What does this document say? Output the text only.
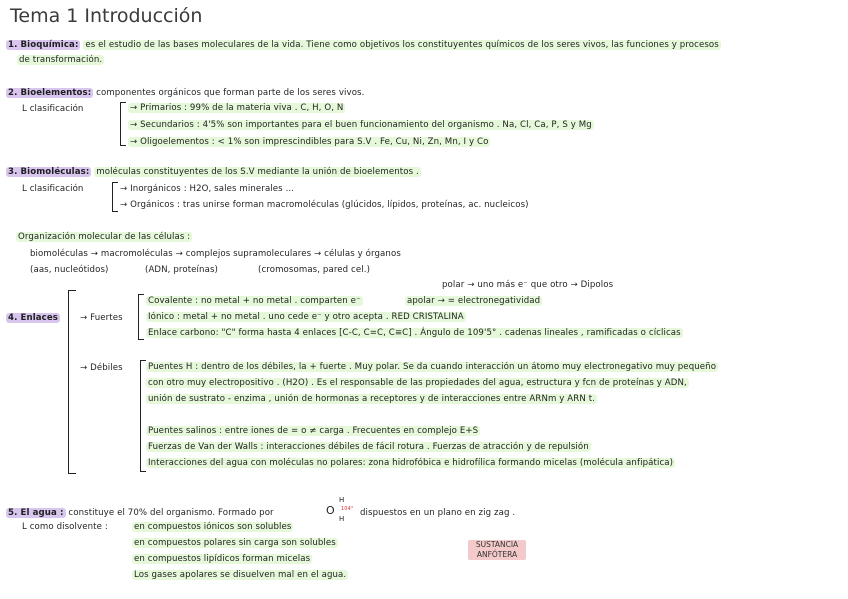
Tema 1 Introducción
1. Bioquímica: es el estudio de las bases moleculares de la vida. Tiene como objetivos los constituyentes químicos de los seres vivos, las funciones y procesos
de transformación.
2. Bioelementos: componentes orgánicos que forman parte de los seres vivos.
L clasificación	→ Primarios : 99% de la materia viva . C, H, O, N
→ Secundarios : 4'5% son importantes para el buen funcionamiento del organismo . Na, Cl, Ca, P, S y Mg
→ Oligoelementos : < 1% son imprescindibles para S.V . Fe, Cu, Ni, Zn, Mn, I y Co
3. Biomoléculas: moléculas constituyentes de los S.V mediante la unión de bioelementos .
L clasificación	→ Inorgánicos : H2O, sales minerales ...
→ Orgánicos : tras unirse forman macromoléculas (glúcidos, lípidos, proteínas, ac. nucleicos)
Organización molecular de las células :
biomoléculas → macromoléculas → complejos supramoleculares → células y órganos
(aas, nucleótidos)	(ADN, proteínas)	(cromosomas, pared cel.)
4. Enlaces	→ Fuertes
polar → uno más e⁻ que otro → Dipolos
Covalente : no metal + no metal . comparten e⁻	apolar → = electronegatividad
Iónico : metal + no metal . uno cede e⁻ y otro acepta . RED CRISTALINA
Enlace carbono: "C" forma hasta 4 enlaces [C-C, C=C, C≡C] . Ángulo de 109'5° . cadenas lineales , ramificadas o cíclicas
→ Débiles	Puentes H : dentro de los débiles, la + fuerte . Muy polar. Se da cuando interacción un átomo muy electronegativo muy pequeño
con otro muy electropositivo . (H2O) . Es el responsable de las propiedades del agua, estructura y fcn de proteínas y ADN,
unión de sustrato - enzima , unión de hormonas a receptores y de interacciones entre ARNm y ARN t.
Puentes salinos : entre iones de = o ≠ carga . Frecuentes en complejo E+S
Fuerzas de Van der Walls : interacciones débiles de fácil rotura . Fuerzas de atracción y de repulsión
Interacciones del agua con moléculas no polares: zona hidrofóbica e hidrofílica formando micelas (molécula anfipática)
5. El agua : constituye el 70% del organismo. Formado por	O
H
H
104° dispuestos en un plano en zig zag .
L como disolvente :	en compuestos iónicos son solubles
en compuestos polares sin carga son solubles
en compuestos lipídicos forman micelas
Los gases apolares se disuelven mal en el agua.
SUSTANCIA ANFÓTERA
